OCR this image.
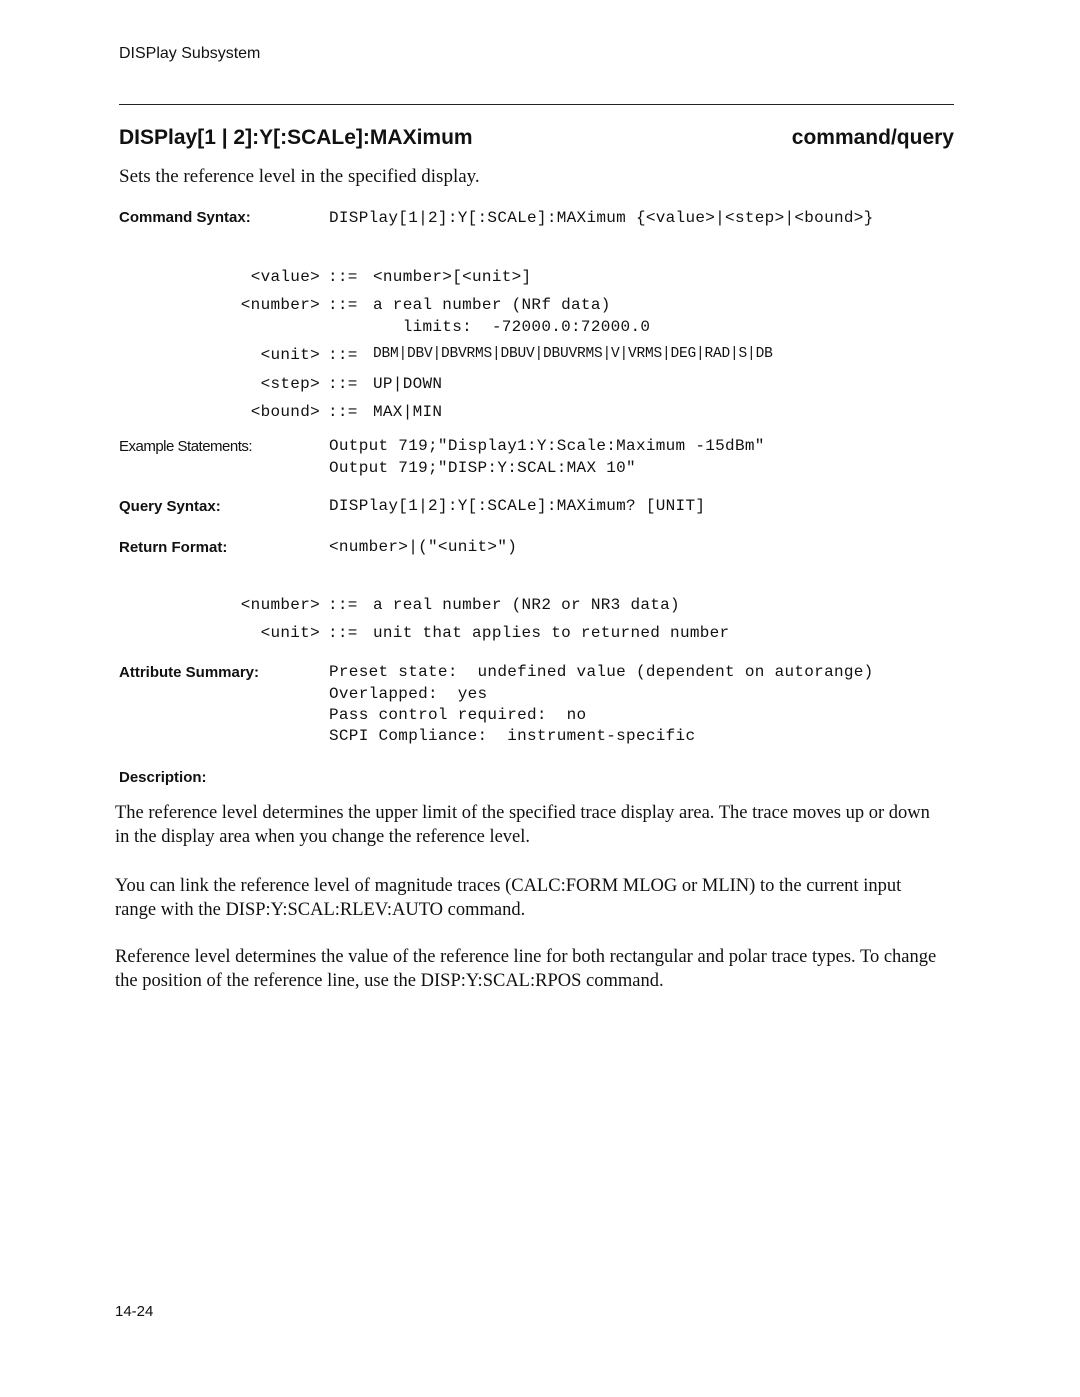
DISPlay Subsystem
DISPlay[1 | 2]:Y[:SCALe]:MAXimum	command/query
Sets the reference level in the specified display.
Command Syntax:	DISPlay[1|2]:Y[:SCALe]:MAXimum {<value>|<step>|<bound>}
<value> ::= <number>[<unit>]
<number> ::= a real number (NRf data)
limits:  -72000.0:72000.0
<unit> ::= DBM|DBV|DBVRMS|DBUV|DBUVRMS|V|VRMS|DEG|RAD|S|DB
<step> ::= UP|DOWN
<bound> ::= MAX|MIN
Example Statements:	Output 719;"Display1:Y:Scale:Maximum -15dBm"
Output 719;"DISP:Y:SCAL:MAX 10"
Query Syntax:	DISPlay[1|2]:Y[:SCALe]:MAXimum? [UNIT]
Return Format:	<number>|("<unit>")
<number> ::= a real number (NR2 or NR3 data)
<unit> ::= unit that applies to returned number
Attribute Summary:	Preset state:  undefined value (dependent on autorange)
Overlapped:  yes
Pass control required:  no
SCPI Compliance:  instrument-specific
Description:
The reference level determines the upper limit of the specified trace display area. The trace moves up or down in the display area when you change the reference level.
You can link the reference level of magnitude traces (CALC:FORM MLOG or MLIN) to the current input range with the DISP:Y:SCAL:RLEV:AUTO command.
Reference level determines the value of the reference line for both rectangular and polar trace types. To change the position of the reference line, use the DISP:Y:SCAL:RPOS command.
14-24
